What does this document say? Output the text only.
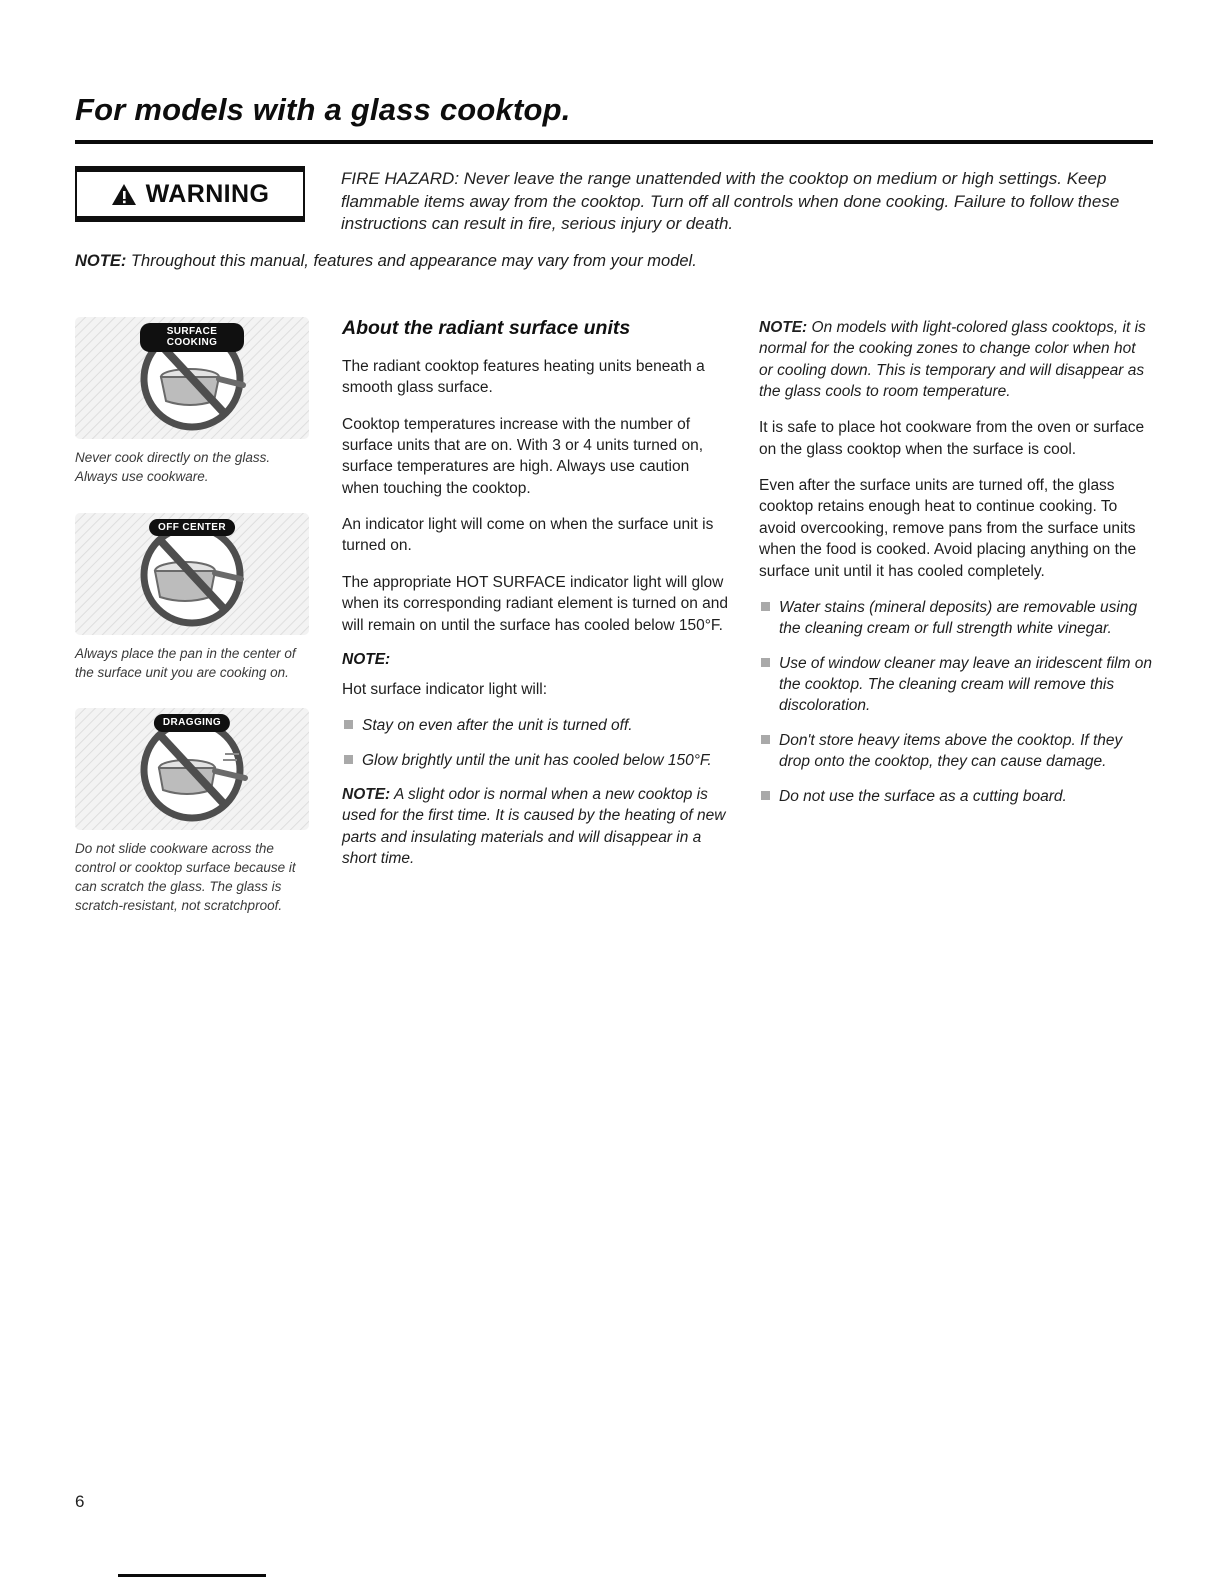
For models with a glass cooktop.
WARNING
FIRE HAZARD: Never leave the range unattended with the cooktop on medium or high settings. Keep flammable items away from the cooktop. Turn off all controls when done cooking. Failure to follow these instructions can result in fire, serious injury or death.
NOTE: Throughout this manual, features and appearance may vary from your model.
SURFACE COOKING
Never cook directly on the glass. Always use cookware.
OFF CENTER
Always place the pan in the center of the surface unit you are cooking on.
DRAGGING
Do not slide cookware across the control or cooktop surface because it can scratch the glass. The glass is scratch-resistant, not scratchproof.
About the radiant surface units

The radiant cooktop features heating units beneath a smooth glass surface.

Cooktop temperatures increase with the number of surface units that are on. With 3 or 4 units turned on, surface temperatures are high. Always use caution when touching the cooktop.

An indicator light will come on when the surface unit is turned on.

The appropriate HOT SURFACE indicator light will glow when its corresponding radiant element is turned on and will remain on until the surface has cooled below 150°F.

NOTE:

Hot surface indicator light will:

Stay on even after the unit is turned off.
Glow brightly until the unit has cooled below 150°F.

NOTE: A slight odor is normal when a new cooktop is used for the first time. It is caused by the heating of new parts and insulating materials and will disappear in a short time.

NOTE: On models with light-colored glass cooktops, it is normal for the cooking zones to change color when hot or cooling down. This is temporary and will disappear as the glass cools to room temperature.

It is safe to place hot cookware from the oven or surface on the glass cooktop when the surface is cool.

Even after the surface units are turned off, the glass cooktop retains enough heat to continue cooking. To avoid overcooking, remove pans from the surface units when the food is cooked. Avoid placing anything on the surface unit until it has cooled completely.

Water stains (mineral deposits) are removable using the cleaning cream or full strength white vinegar.
Use of window cleaner may leave an iridescent film on the cooktop. The cleaning cream will remove this discoloration.
Don't store heavy items above the cooktop. If they drop onto the cooktop, they can cause damage.
Do not use the surface as a cutting board.
6
